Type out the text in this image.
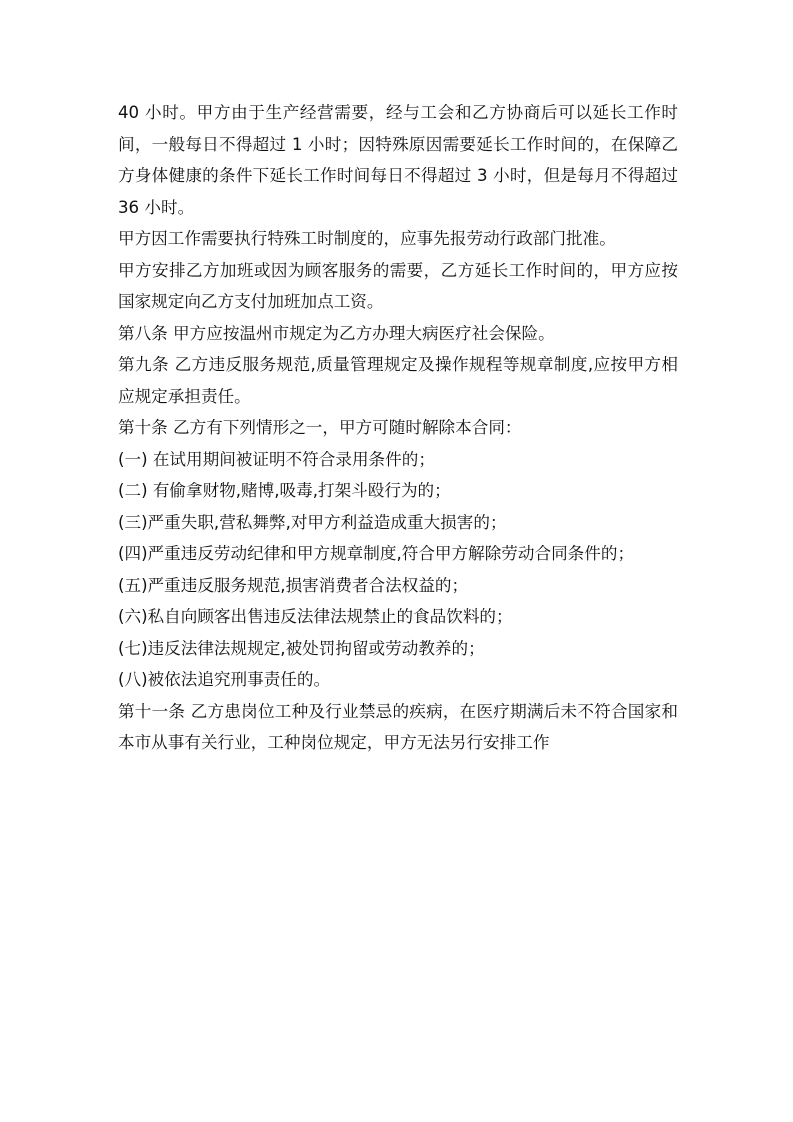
40 小时。甲方由于生产经营需要，经与工会和乙方协商后可以延长工作时间，一般每日不得超过 1 小时；因特殊原因需要延长工作时间的，在保障乙方身体健康的条件下延长工作时间每日不得超过 3 小时，但是每月不得超过 36 小时。

甲方因工作需要执行特殊工时制度的，应事先报劳动行政部门批准。

甲方安排乙方加班或因为顾客服务的需要，乙方延长工作时间的，甲方应按国家规定向乙方支付加班加点工资。

第八条 甲方应按温州市规定为乙方办理大病医疗社会保险。

第九条 乙方违反服务规范,质量管理规定及操作规程等规章制度,应按甲方相应规定承担责任。

第十条 乙方有下列情形之一，甲方可随时解除本合同：

(一) 在试用期间被证明不符合录用条件的；

(二) 有偷拿财物,赌博,吸毒,打架斗殴行为的；

(三)严重失职,营私舞弊,对甲方利益造成重大损害的；

(四)严重违反劳动纪律和甲方规章制度,符合甲方解除劳动合同条件的；

(五)严重违反服务规范,损害消费者合法权益的；

(六)私自向顾客出售违反法律法规禁止的食品饮料的；

(七)违反法律法规规定,被处罚拘留或劳动教养的；

(八)被依法追究刑事责任的。

第十一条 乙方患岗位工种及行业禁忌的疾病，在医疗期满后未不符合国家和本市从事有关行业，工种岗位规定，甲方无法另行安排工作
